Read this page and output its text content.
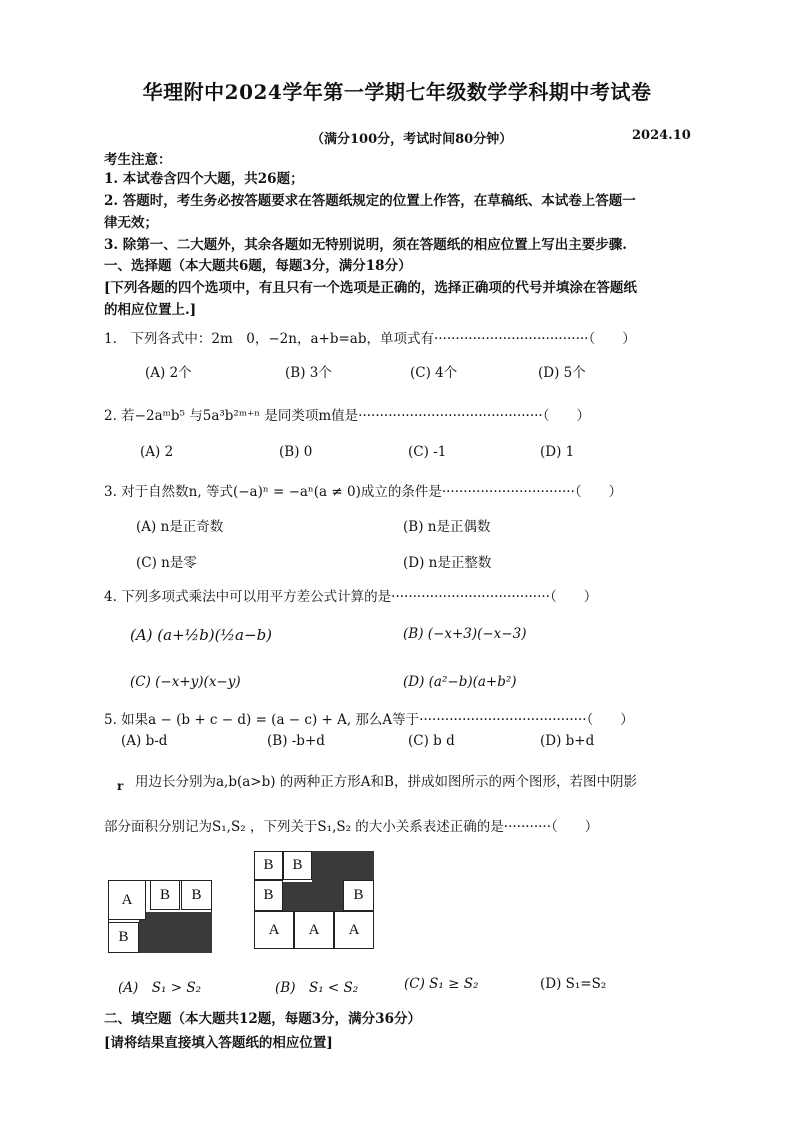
华理附中2024学年第一学期七年级数学学科期中考试卷
（满分100分，考试时间80分钟）	2024.10
考生注意：
1. 本试卷含四个大题，共26题；
2. 答题时，考生务必按答题要求在答题纸规定的位置上作答，在草稿纸、本试卷上答题一
律无效；
3. 除第一、二大题外，其余各题如无特别说明，须在答题纸的相应位置上写出主要步骤.
一、选择题（本大题共6题，每题3分，满分18分）
[下列各题的四个选项中，有且只有一个选项是正确的，选择正确项的代号并填涂在答题纸
的相应位置上.]
1.　下列各式中：2m　0，−2n，a+b=ab，单项式有····································（　　）
(A) 2个	(B) 3个	(C) 4个	(D) 5个
2. 若−2aᵐb⁵ 与5a³b²ᵐ⁺ⁿ 是同类项m值是···········································（　　）
(A) 2	(B) 0	(C) -1	(D) 1
3. 对于自然数n, 等式(−a)ⁿ = −aⁿ(a ≠ 0)成立的条件是·······························（　　）
(A) n是正奇数	(B) n是正偶数
(C) n是零	(D) n是正整数
4. 下列多项式乘法中可以用平方差公式计算的是·····································（　　）
(A) (a+½b)(½a−b)	(B) (−x+3)(−x−3)
(C) (−x+y)(x−y)	(D) (a²−b)(a+b²)
5. 如果a − (b + c − d) = (a − c) + A, 那么A等于·······································（　　）
(A) b-d	(B) -b+d	(C) b d	(D) b+d
r 用边长分别为a,b(a>b) 的两种正方形A和B，拼成如图所示的两个图形，若图中阴影
部分面积分别记为S₁,S₂ ，下列关于S₁,S₂ 的大小关系表述正确的是···········（　　）
A	B	B
B
B	B
B	B
A	A	A
(A)　S₁ > S₂	(B)　S₁ < S₂	(C) S₁ ≥ S₂	(D) S₁=S₂
二、填空题（本大题共12题，每题3分，满分36分）
[请将结果直接填入答题纸的相应位置]
